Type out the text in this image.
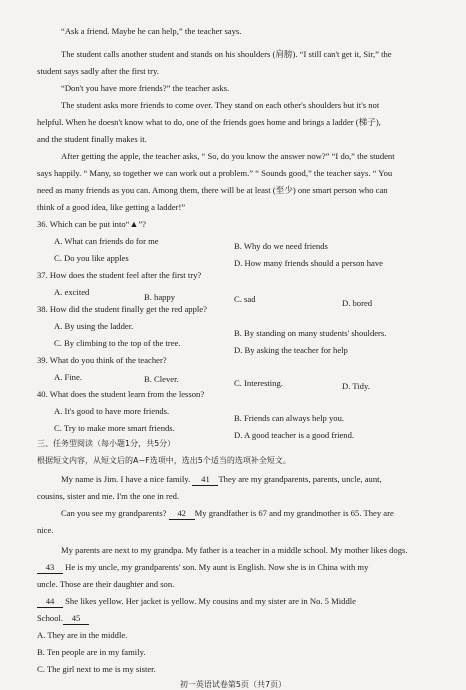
“Ask a friend. Maybe he can help,” the teacher says.
The student calls another student and stands on his shoulders (肩膀). “I still can't get it, Sir,” the
student says sadly after the first try.
“Don't you have more friends?” the teacher asks.
The student asks more friends to come over. They stand on each other's shoulders but it's not
helpful. When he doesn't know what to do, one of the friends goes home and brings a ladder (梯子),
and the student finally makes it.
After getting the apple, the teacher asks, “ So, do you know the answer now?” “I do,” the student
says happily. “ Many, so together we can work out a problem.” “ Sounds good,” the teacher says. “ You
need as many friends as you can. Among them, there will be at least (至少) one smart person who can
think of a good idea, like getting a ladder!”
36. Which can be put into“▲”?
A. What can friends do for me	B. Why do we need friends
C. Do you like apples	D. How many friends should a person have
37. How does the student feel after the first try?
A. excited	B. happy	C. sad	D. bored
38. How did the student finally get the red apple?
A. By using the ladder.
B. By standing on many students' shoulders.
C. By climbing to the top of the tree.
D. By asking the teacher for help
39. What do you think of the teacher?
A. Fine.	B. Clever.	C. Interesting.	D. Tidy.
40. What does the student learn from the lesson?
A. It's good to have more friends.
B. Friends can always help you.
C. Try to make more smart friends.
D. A good teacher is a good friend.
三、任务型阅读（每小题1分，共5分）
根据短文内容，从短文后的A~F选项中，选出5个适当的选项补全短文。
My name is Jim. I have a nice family. 41 They are my grandparents, parents, uncle, aunt,
cousins, sister and me. I'm the one in red.
Can you see my grandparents? 42 My grandfather is 67 and my grandmother is 65. They are
nice.
My parents are next to my grandpa. My father is a teacher in a middle school. My mother likes dogs.
43 He is my uncle, my grandparents' son. My aunt is English. Now she is in China with my
uncle. Those are their daughter and son.
44 She likes yellow. Her jacket is yellow. My cousins and my sister are in No. 5 Middle
School. 45
A. They are in the middle.
B. Ten people are in my family.
C. The girl next to me is my sister.
初一英语试卷第5页（共7页）
